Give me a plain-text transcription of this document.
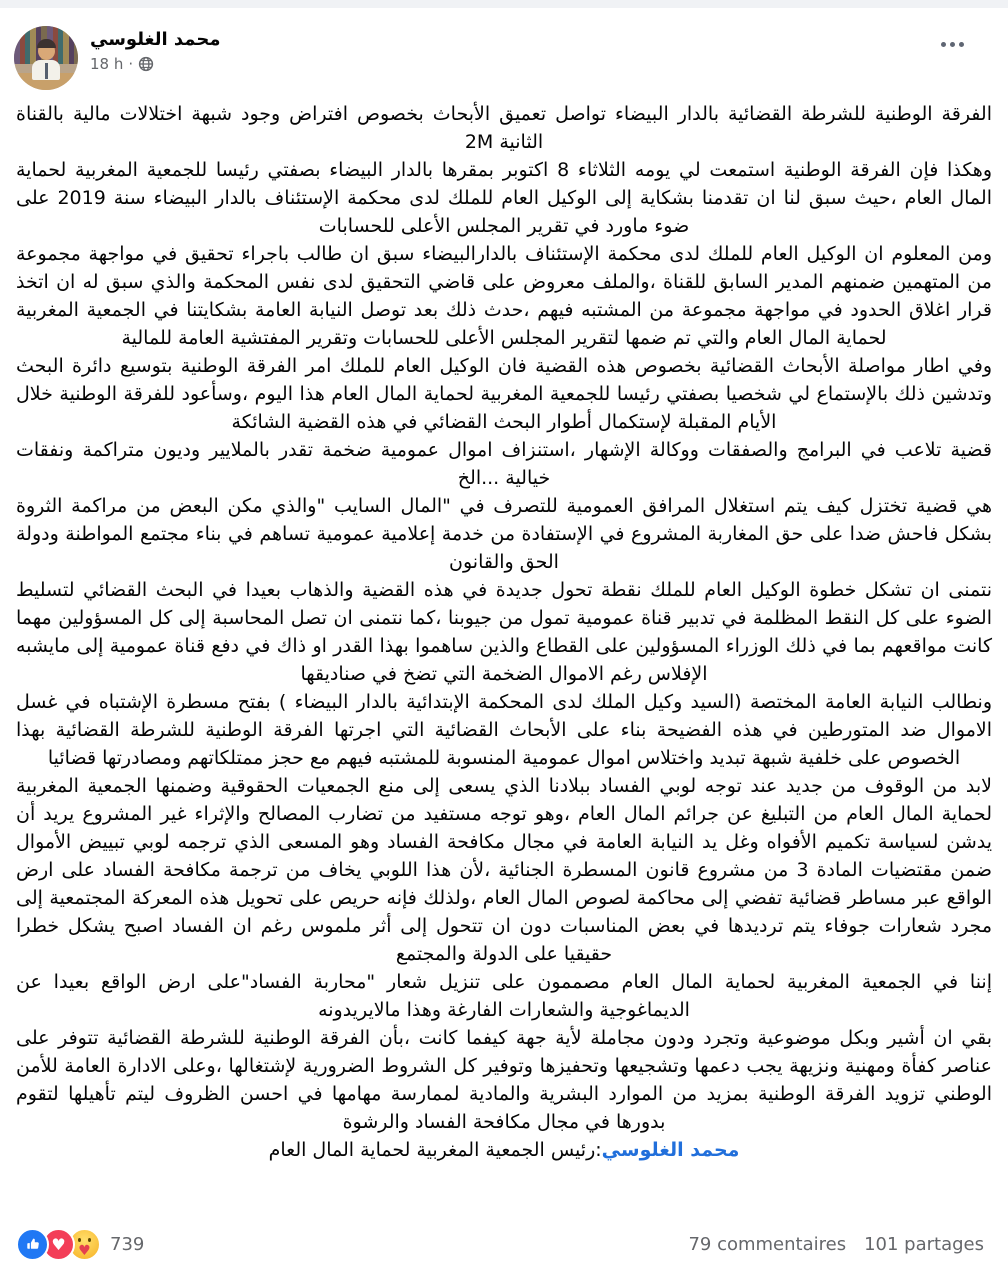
محمد الغلوسي
18 h ·
الفرقة الوطنية للشرطة القضائية بالدار البيضاء تواصل تعميق الأبحاث بخصوص افتراض وجود شبهة اختلالات مالية بالقناة الثانية 2M
وهكذا فإن الفرقة الوطنية استمعت لي يومه الثلاثاء 8 اكتوبر بمقرها بالدار البيضاء بصفتي رئيسا للجمعية المغربية لحماية المال العام ،حيث سبق لنا ان تقدمنا بشكاية إلى الوكيل العام للملك لدى محكمة الإستئناف بالدار البيضاء سنة 2019 على ضوء ماورد في تقرير المجلس الأعلى للحسابات
ومن المعلوم ان الوكيل العام للملك لدى محكمة الإستئناف بالدارالبيضاء سبق ان طالب باجراء تحقيق في مواجهة مجموعة من المتهمين ضمنهم المدير السابق للقناة ،والملف معروض على قاضي التحقيق لدى نفس المحكمة والذي سبق له ان اتخذ قرار اغلاق الحدود في مواجهة مجموعة من المشتبه فيهم ،حدث ذلك بعد توصل النيابة العامة بشكايتنا في الجمعية المغربية لحماية المال العام والتي تم ضمها لتقرير المجلس الأعلى للحسابات وتقرير المفتشية العامة للمالية
وفي اطار مواصلة الأبحاث القضائية بخصوص هذه القضية فان الوكيل العام للملك امر الفرقة الوطنية بتوسيع دائرة البحث وتدشين ذلك بالإستماع لي شخصيا بصفتي رئيسا للجمعية المغربية لحماية المال العام هذا اليوم ،وسأعود للفرقة الوطنية خلال الأيام المقبلة لإستكمال أطوار البحث القضائي في هذه القضية الشائكة
قضية تلاعب في البرامج والصفقات ووكالة الإشهار ،استنزاف اموال عمومية ضخمة تقدر بالملايير وديون متراكمة ونفقات خيالية ...الخ
هي قضية تختزل كيف يتم استغلال المرافق العمومية للتصرف في "المال السايب "والذي مكن البعض من مراكمة الثروة بشكل فاحش ضدا على حق المغاربة المشروع في الإستفادة من خدمة إعلامية عمومية تساهم في بناء مجتمع المواطنة ودولة الحق والقانون
نتمنى ان تشكل خطوة الوكيل العام للملك نقطة تحول جديدة في هذه القضية والذهاب بعيدا في البحث القضائي لتسليط الضوء على كل النقط المظلمة في تدبير قناة عمومية تمول من جيوبنا ،كما نتمنى ان تصل المحاسبة إلى كل المسؤولين مهما كانت مواقعهم بما في ذلك الوزراء المسؤولين على القطاع والذين ساهموا بهذا القدر او ذاك في دفع قناة عمومية إلى مايشبه الإفلاس رغم الاموال الضخمة التي تضخ في صناديقها
ونطالب النيابة العامة المختصة (السيد وكيل الملك لدى المحكمة الإبتدائية بالدار البيضاء ) بفتح مسطرة الإشتباه في غسل الاموال ضد المتورطين في هذه الفضيحة بناء على الأبحاث القضائية التي اجرتها الفرقة الوطنية للشرطة القضائية بهذا الخصوص على خلفية شبهة تبديد واختلاس اموال عمومية المنسوبة للمشتبه فيهم مع حجز ممتلكاتهم ومصادرتها قضائيا
لابد من الوقوف من جديد عند توجه لوبي الفساد ببلادنا الذي يسعى إلى منع الجمعيات الحقوقية وضمنها الجمعية المغربية لحماية المال العام من التبليغ عن جرائم المال العام ،وهو توجه مستفيد من تضارب المصالح والإثراء غير المشروع يريد أن يدشن لسياسة تكميم الأفواه وغل يد النيابة العامة في مجال مكافحة الفساد وهو المسعى الذي ترجمه لوبي تبييض الأموال ضمن مقتضيات المادة 3 من مشروع قانون المسطرة الجنائية ،لأن هذا اللوبي يخاف من ترجمة مكافحة الفساد على ارض الواقع عبر مساطر قضائية تفضي إلى محاكمة لصوص المال العام ،ولذلك فإنه حريص على تحويل هذه المعركة المجتمعية إلى مجرد شعارات جوفاء يتم ترديدها في بعض المناسبات دون ان تتحول إلى أثر ملموس رغم ان الفساد اصبح يشكل خطرا حقيقيا على الدولة والمجتمع
إننا في الجمعية المغربية لحماية المال العام مصممون على تنزيل شعار "محاربة الفساد"على ارض الواقع بعيدا عن الديماغوجية والشعارات الفارغة وهذا مالايريدونه
بقي ان أشير وبكل موضوعية وتجرد ودون مجاملة لأية جهة كيفما كانت ،بأن الفرقة الوطنية للشرطة القضائية تتوفر على عناصر كفأة ومهنية ونزيهة يجب دعمها وتشجيعها وتحفيزها وتوفير كل الشروط الضرورية لإشتغالها ،وعلى الادارة العامة للأمن الوطني تزويد الفرقة الوطنية بمزيد من الموارد البشرية والمادية لممارسة مهامها في احسن الظروف ليتم تأهيلها لتقوم بدورها في مجال مكافحة الفساد والرشوة
محمد الغلوسي:رئيس الجمعية المغربية لحماية المال العام
♥ ♥	739	79 commentaires 101 partages
